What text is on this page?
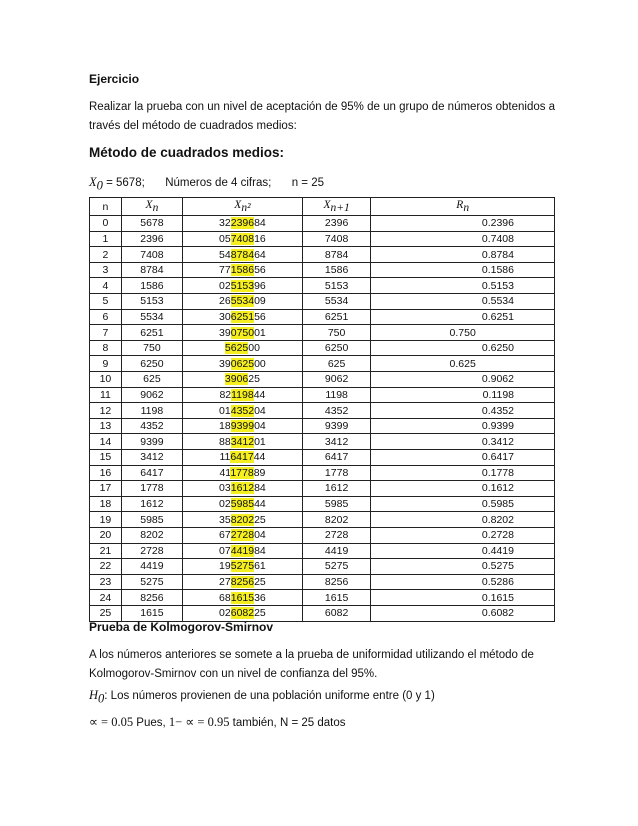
Ejercicio
Realizar la prueba con un nivel de aceptación de 95% de un grupo de números obtenidos a través del método de cuadrados medios:
Método de cuadrados medios:
$X_0 = 5678$; Números de 4 cifras; n = 25
n	$X_n$	$X_{n^2}$	$X_{n+1}$	$R_n$
0	5678	32239684	2396	0.2396
1	2396	05740816	7408	0.7408
2	7408	54878464	8784	0.8784
3	8784	77158656	1586	0.1586
4	1586	02515396	5153	0.5153
5	5153	26553409	5534	0.5534
6	5534	30625156	6251	0.6251
7	6251	39075001	750	0.750
8	750	562500	6250	0.6250
9	6250	39062500	625	0.625
10	625	390625	9062	0.9062
11	9062	82119844	1198	0.1198
12	1198	01435204	4352	0.4352
13	4352	18939904	9399	0.9399
14	9399	88341201	3412	0.3412
15	3412	11641744	6417	0.6417
16	6417	41177889	1778	0.1778
17	1778	03161284	1612	0.1612
18	1612	02598544	5985	0.5985
19	5985	35820225	8202	0.8202
20	8202	67272804	2728	0.2728
21	2728	07441984	4419	0.4419
22	4419	19527561	5275	0.5275
23	5275	27825625	8256	0.5286
24	8256	68161536	1615	0.1615
25	1615	02608225	6082	0.6082
Prueba de Kolmogorov-Smirnov
A los números anteriores se somete a la prueba de uniformidad utilizando el método de Kolmogorov-Smirnov con un nivel de confianza del 95%.
$H_0$: Los números provienen de una población uniforme entre (0 y 1)
∝ = 0.05 Pues, 1− ∝ = 0.95 también, N = 25 datos
